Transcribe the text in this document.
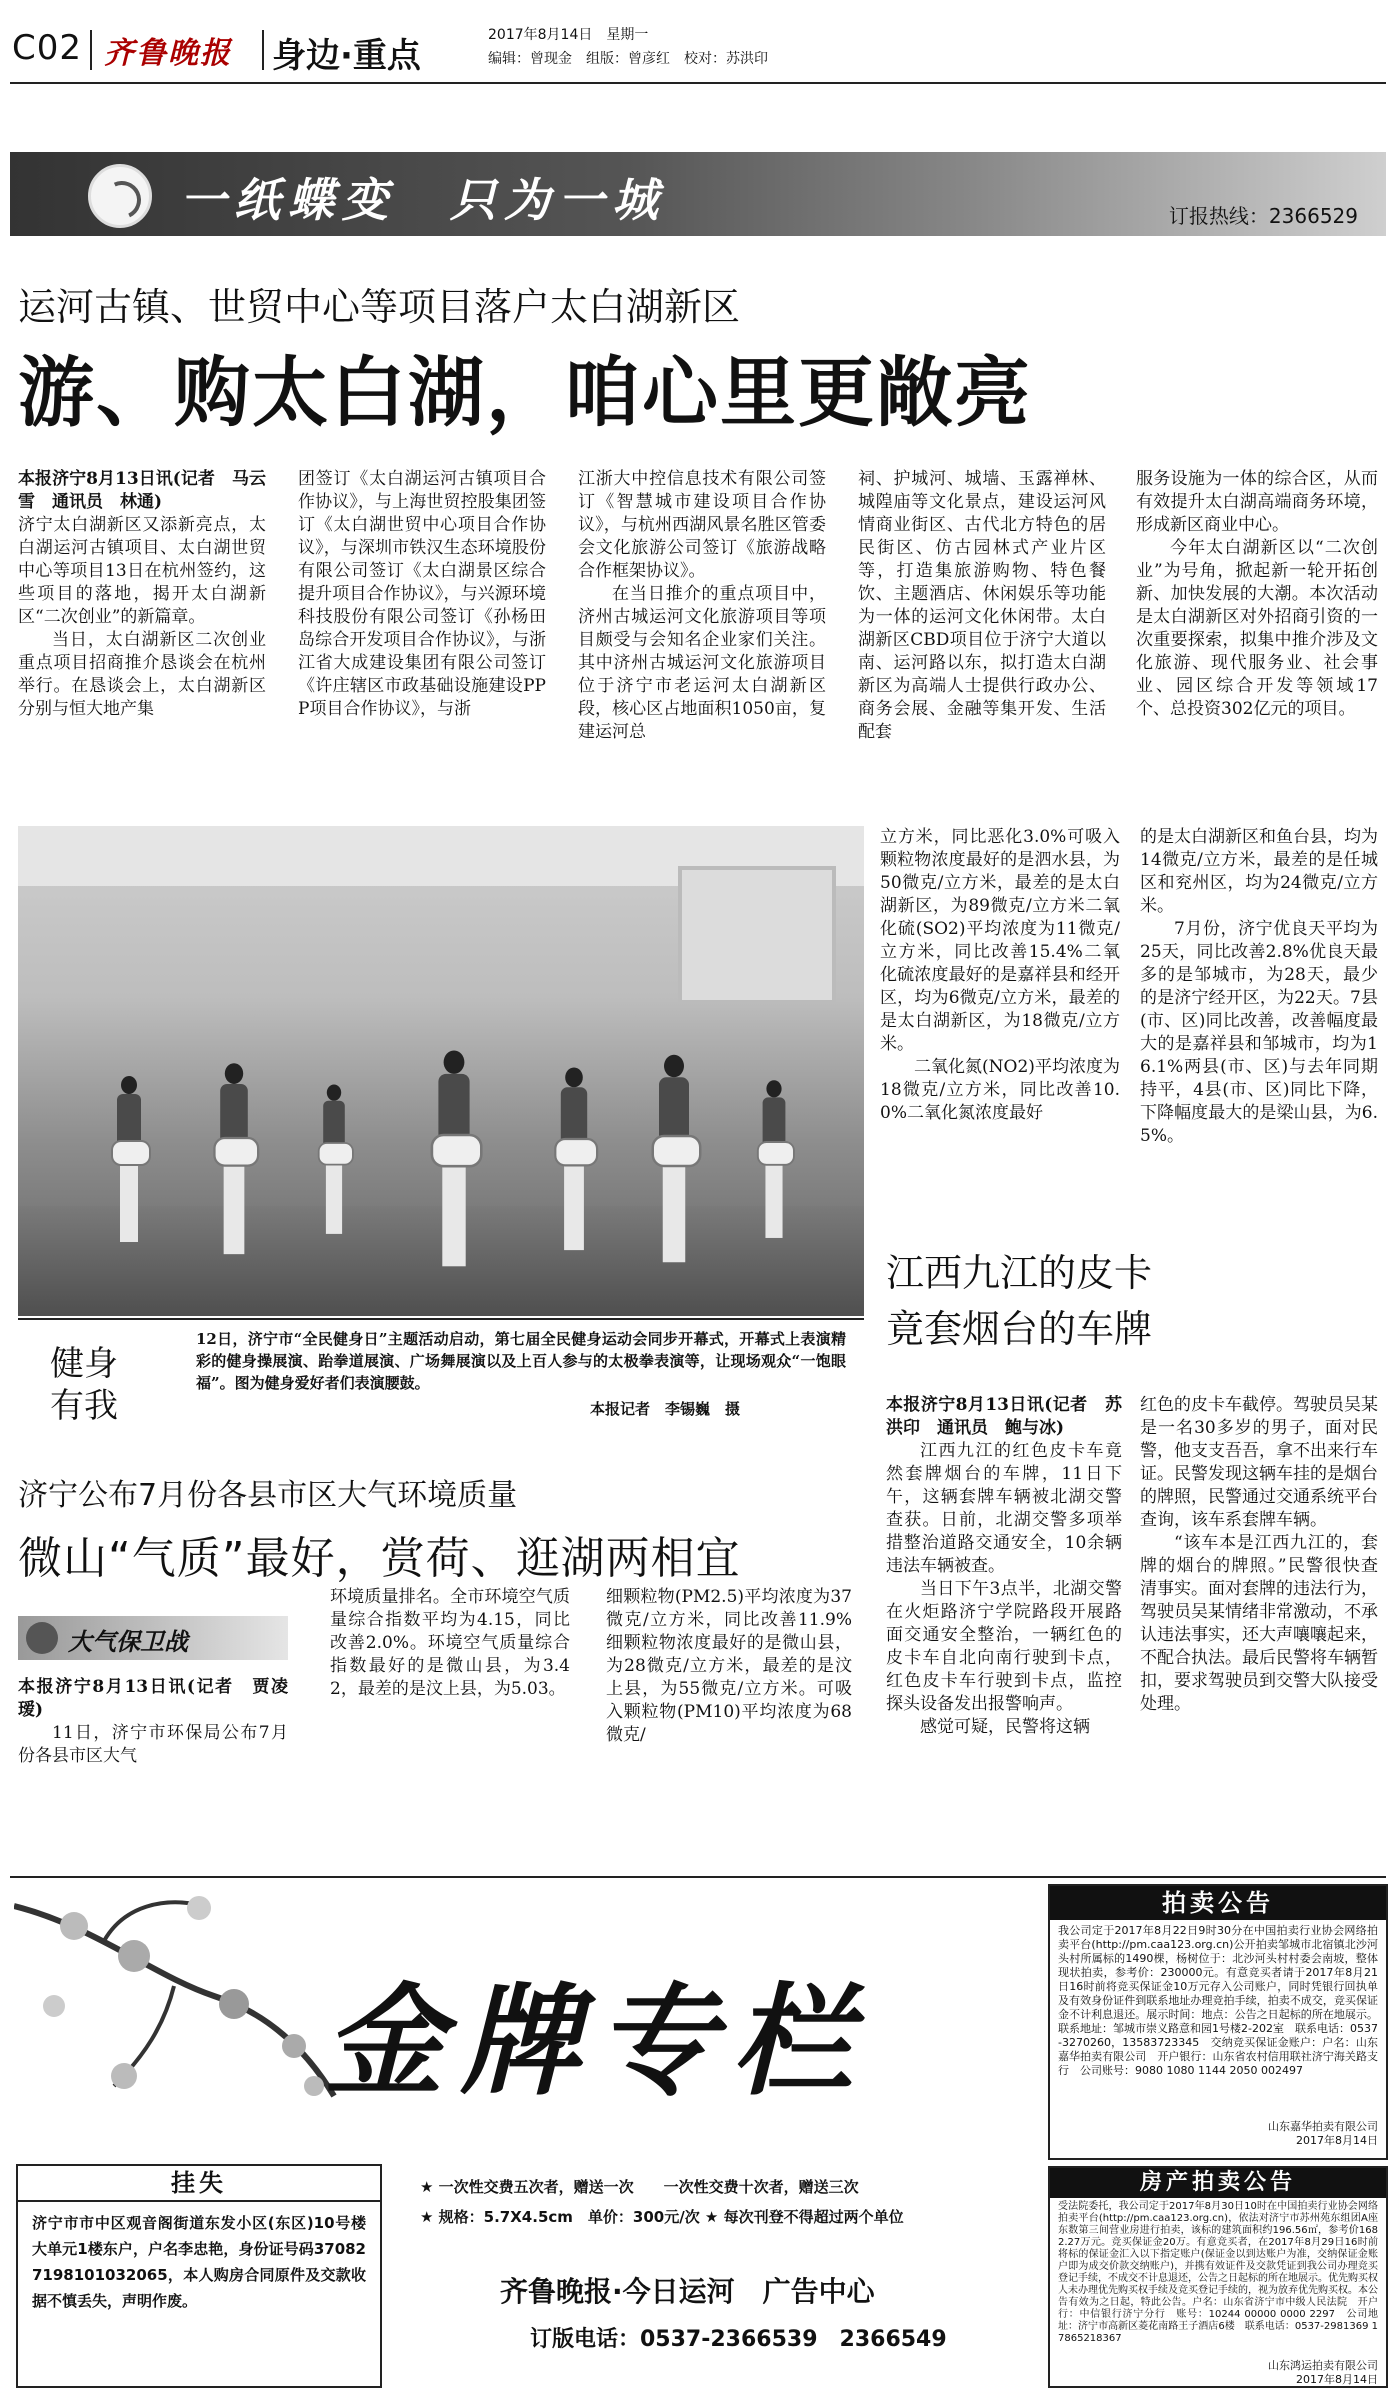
C02 齐鲁晚报 身边·重点
2017年8月14日　星期一
编辑：曾现金　组版：曾彦红　校对：苏洪印
一纸蝶变　只为一城	订报热线：2366529
运河古镇、世贸中心等项目落户太白湖新区
游、购太白湖，咱心里更敞亮

本报济宁8月13日讯(记者　马云雪　通讯员　林通)

济宁太白湖新区又添新亮点，太白湖运河古镇项目、太白湖世贸中心等项目13日在杭州签约，这些项目的落地，揭开太白湖新区“二次创业”的新篇章。

当日，太白湖新区二次创业重点项目招商推介恳谈会在杭州举行。在恳谈会上，太白湖新区分别与恒大地产集

团签订《太白湖运河古镇项目合作协议》，与上海世贸控股集团签订《太白湖世贸中心项目合作协议》，与深圳市铁汉生态环境股份有限公司签订《太白湖景区综合提升项目合作协议》，与兴源环境科技股份有限公司签订《孙杨田岛综合开发项目合作协议》，与浙江省大成建设集团有限公司签订《许庄辖区市政基础设施建设PPP项目合作协议》，与浙

江浙大中控信息技术有限公司签订《智慧城市建设项目合作协议》，与杭州西湖风景名胜区管委会文化旅游公司签订《旅游战略合作框架协议》。

在当日推介的重点项目中，济州古城运河文化旅游项目等项目颇受与会知名企业家们关注。其中济州古城运河文化旅游项目位于济宁市老运河太白湖新区段，核心区占地面积1050亩，复建运河总

祠、护城河、城墙、玉露禅林、城隍庙等文化景点，建设运河风情商业街区、古代北方特色的居民街区、仿古园林式产业片区等，打造集旅游购物、特色餐饮、主题酒店、休闲娱乐等功能为一体的运河文化休闲带。太白湖新区CBD项目位于济宁大道以南、运河路以东，拟打造太白湖新区为高端人士提供行政办公、商务会展、金融等集开发、生活配套

服务设施为一体的综合区，从而有效提升太白湖高端商务环境，形成新区商业中心。

今年太白湖新区以“二次创业”为号角，掀起新一轮开拓创新、加快发展的大潮。本次活动是太白湖新区对外招商引资的一次重要探索，拟集中推介涉及文化旅游、现代服务业、社会事业、园区综合开发等领域17个、总投资302亿元的项目。

健身
有我
12日，济宁市“全民健身日”主题活动启动，第七届全民健身运动会同步开幕式，开幕式上表演精彩的健身操展演、跆拳道展演、广场舞展演以及上百人参与的太极拳表演等，让现场观众“一饱眼福”。图为健身爱好者们表演腰鼓。
本报记者　李锡巍　摄
济宁公布7月份各县市区大气环境质量
微山“气质”最好，赏荷、逛湖两相宜
大气保卫战

本报济宁8月13日讯(记者　贾凌瑷)

11日，济宁市环保局公布7月份各县市区大气

环境质量排名。全市环境空气质量综合指数平均为4.15，同比改善2.0%。环境空气质量综合指数最好的是微山县，为3.42，最差的是汶上县，为5.03。

细颗粒物(PM2.5)平均浓度为37微克/立方米，同比改善11.9%细颗粒物浓度最好的是微山县，为28微克/立方米，最差的是汶上县，为55微克/立方米。可吸入颗粒物(PM10)平均浓度为68微克/

立方米，同比恶化3.0%可吸入颗粒物浓度最好的是泗水县，为50微克/立方米，最差的是太白湖新区，为89微克/立方米二氧化硫(SO2)平均浓度为11微克/立方米，同比改善15.4%二氧化硫浓度最好的是嘉祥县和经开区，均为6微克/立方米，最差的是太白湖新区，为18微克/立方米。

二氧化氮(NO2)平均浓度为18微克/立方米，同比改善10.0%二氧化氮浓度最好

的是太白湖新区和鱼台县，均为14微克/立方米，最差的是任城区和兖州区，均为24微克/立方米。

7月份，济宁优良天平均为25天，同比改善2.8%优良天最多的是邹城市，为28天，最少的是济宁经开区，为22天。7县(市、区)同比改善，改善幅度最大的是嘉祥县和邹城市，均为16.1%两县(市、区)与去年同期持平，4县(市、区)同比下降，下降幅度最大的是梁山县，为6.5%。

江西九江的皮卡
竟套烟台的车牌

本报济宁8月13日讯(记者　苏洪印　通讯员　鲍与冰)

江西九江的红色皮卡车竟然套牌烟台的车牌，11日下午，这辆套牌车辆被北湖交警查获。日前，北湖交警多项举措整治道路交通安全，10余辆违法车辆被查。

当日下午3点半，北湖交警在火炬路济宁学院路段开展路面交通安全整治，一辆红色的皮卡车自北向南行驶到卡点，红色皮卡车行驶到卡点，监控探头设备发出报警响声。

感觉可疑，民警将这辆

红色的皮卡车截停。驾驶员吴某是一名30多岁的男子，面对民警，他支支吾吾，拿不出来行车证。民警发现这辆车挂的是烟台的牌照，民警通过交通系统平台查询，该车系套牌车辆。

“该车本是江西九江的，套牌的烟台的牌照。”民警很快查清事实。面对套牌的违法行为，驾驶员吴某情绪非常激动，不承认违法事实，还大声嚷嚷起来，不配合执法。最后民警将车辆暂扣，要求驾驶员到交警大队接受处理。

金牌专栏
挂失
济宁市市中区观音阁街道东发小区(东区)10号楼大单元1楼东户，户名李忠艳，身份证号码370827198101032065，本人购房合同原件及交款收据不慎丢失，声明作废。
★ 一次性交费五次者，赠送一次　　一次性交费十次者，赠送三次
★ 规格：5.7X4.5cm　单价：300元/次 ★ 每次刊登不得超过两个单位
齐鲁晚报·今日运河　广告中心
订版电话：0537-2366539　2366549
拍卖公告
我公司定于2017年8月22日9时30分在中国拍卖行业协会网络拍卖平台(http://pm.caa123.org.cn)公开拍卖邹城市北宿镇北沙河头村所属标的1490棵，杨树位于：北沙河头村村委会南坡，整体现状拍卖，参考价：230000元。有意竞买者请于2017年8月21日16时前将竞买保证金10万元存入公司账户，同时凭银行回执单及有效身份证件到联系地址办理竞拍手续，拍卖不成交，竞买保证金不计利息退还。展示时间：地点：公告之日起标的所在地展示。联系地址：邹城市崇义路意和园1号楼2-202室　联系电话：0537-3270260，13583723345　交纳竞买保证金账户：户名：山东嘉华拍卖有限公司　开户银行：山东省农村信用联社济宁海关路支行　公司账号：9080 1080 1144 2050 002497
山东嘉华拍卖有限公司
2017年8月14日
房产拍卖公告
受法院委托，我公司定于2017年8月30日10时在中国拍卖行业协会网络拍卖平台(http://pm.caa123.org.cn)，依法对济宁市苏州苑东组团A座东数第三间营业房进行拍卖，该标的建筑面积约196.56㎡，参考价1682.27万元。竞买保证金20万。有意竞买者，在2017年8月29日16时前将标的保证金汇入以下指定账户(保证金以到达账户为准，交纳保证金账户即为成交价款交纳账户)，并携有效证件及交款凭证到我公司办理竞买登记手续，不成交不计息退还，公告之日起标的所在地展示。优先购买权人未办理优先购买权手续及竞买登记手续的，视为放弃优先购买权。本公告有效为之日起，特此公告。户名：山东省济宁市中级人民法院　开户行：中信银行济宁分行　账号：10244 00000 0000 2297　公司地址：济宁市高新区菱花南路王子酒店6楼　联系电话：0537-2981369 17865218367
山东鸿运拍卖有限公司
2017年8月14日
